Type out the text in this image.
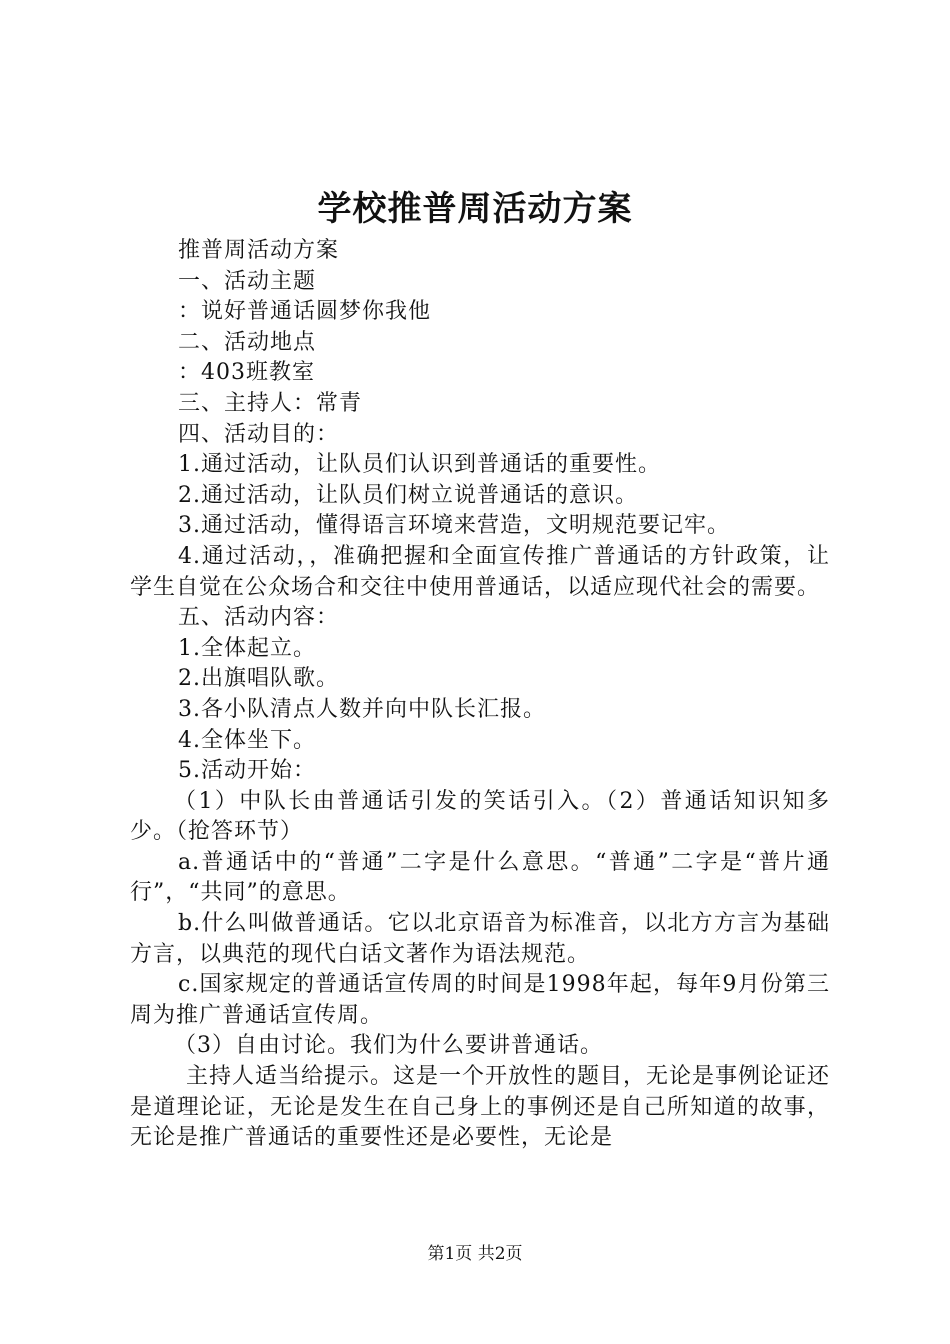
学校推普周活动方案

推普周活动方案

一、活动主题

：说好普通话圆梦你我他

二、活动地点

：403班教室

三、主持人：常青

四、活动目的：

1.通过活动，让队员们认识到普通话的重要性。

2.通过活动，让队员们树立说普通话的意识。

3.通过活动，懂得语言环境来营造，文明规范要记牢。

4.通过活动，，准确把握和全面宣传推广普通话的方针政策，让学生自觉在公众场合和交往中使用普通话，以适应现代社会的需要。

五、活动内容：

1.全体起立。

2.出旗唱队歌。

3.各小队清点人数并向中队长汇报。

4.全体坐下。

5.活动开始：

（1）中队长由普通话引发的笑话引入。（2）普通话知识知多少。（抢答环节）

a.普通话中的“普通”二字是什么意思。“普通”二字是“普片通行”，“共同”的意思。

b.什么叫做普通话。它以北京语音为标准音，以北方方言为基础方言，以典范的现代白话文著作为语法规范。

c.国家规定的普通话宣传周的时间是1998年起，每年9月份第三周为推广普通话宣传周。

（3）自由讨论。我们为什么要讲普通话。

主持人适当给提示。这是一个开放性的题目，无论是事例论证还是道理论证，无论是发生在自己身上的事例还是自己所知道的故事，无论是推广普通话的重要性还是必要性，无论是

第1页 共2页
